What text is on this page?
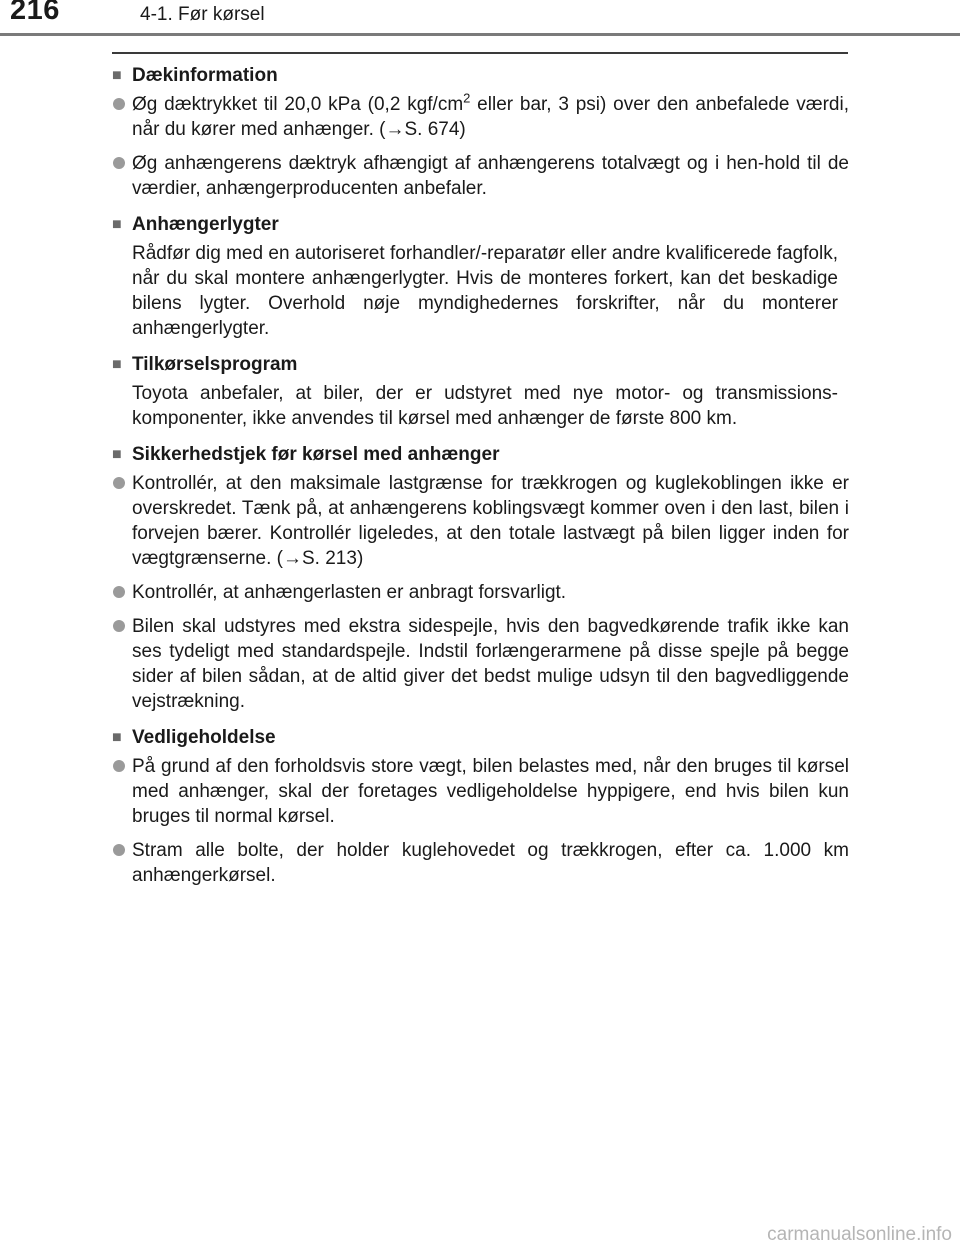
216	4-1. Før kørsel
■ Dækinformation
Øg dæktrykket til 20,0 kPa (0,2 kgf/$cm^2$ eller bar, 3 psi) over den anbefalede værdi, når du kører med anhænger. (→S. 674)
Øg anhængerens dæktryk afhængigt af anhængerens totalvægt og i hen-hold til de værdier, anhængerproducenten anbefaler.
■ Anhængerlygter
Rådfør dig med en autoriseret forhandler/-reparatør eller andre kvalificerede fagfolk, når du skal montere anhængerlygter. Hvis de monteres forkert, kan det beskadige bilens lygter. Overhold nøje myndighedernes forskrifter, når du monterer anhængerlygter.
■ Tilkørselsprogram
Toyota anbefaler, at biler, der er udstyret med nye motor- og transmissions-komponenter, ikke anvendes til kørsel med anhænger de første 800 km.
■ Sikkerhedstjek før kørsel med anhænger
Kontrollér, at den maksimale lastgrænse for trækkrogen og kuglekoblingen ikke er overskredet. Tænk på, at anhængerens koblingsvægt kommer oven i den last, bilen i forvejen bærer. Kontrollér ligeledes, at den totale lastvægt på bilen ligger inden for vægtgrænserne. (→S. 213)
Kontrollér, at anhængerlasten er anbragt forsvarligt.
Bilen skal udstyres med ekstra sidespejle, hvis den bagvedkørende trafik ikke kan ses tydeligt med standardspejle. Indstil forlængerarmene på disse spejle på begge sider af bilen sådan, at de altid giver det bedst mulige udsyn til den bagvedliggende vejstrækning.
■ Vedligeholdelse
På grund af den forholdsvis store vægt, bilen belastes med, når den bruges til kørsel med anhænger, skal der foretages vedligeholdelse hyppigere, end hvis bilen kun bruges til normal kørsel.
Stram alle bolte, der holder kuglehovedet og trækkrogen, efter ca. 1.000 km anhængerkørsel.
carmanualsonline.info
